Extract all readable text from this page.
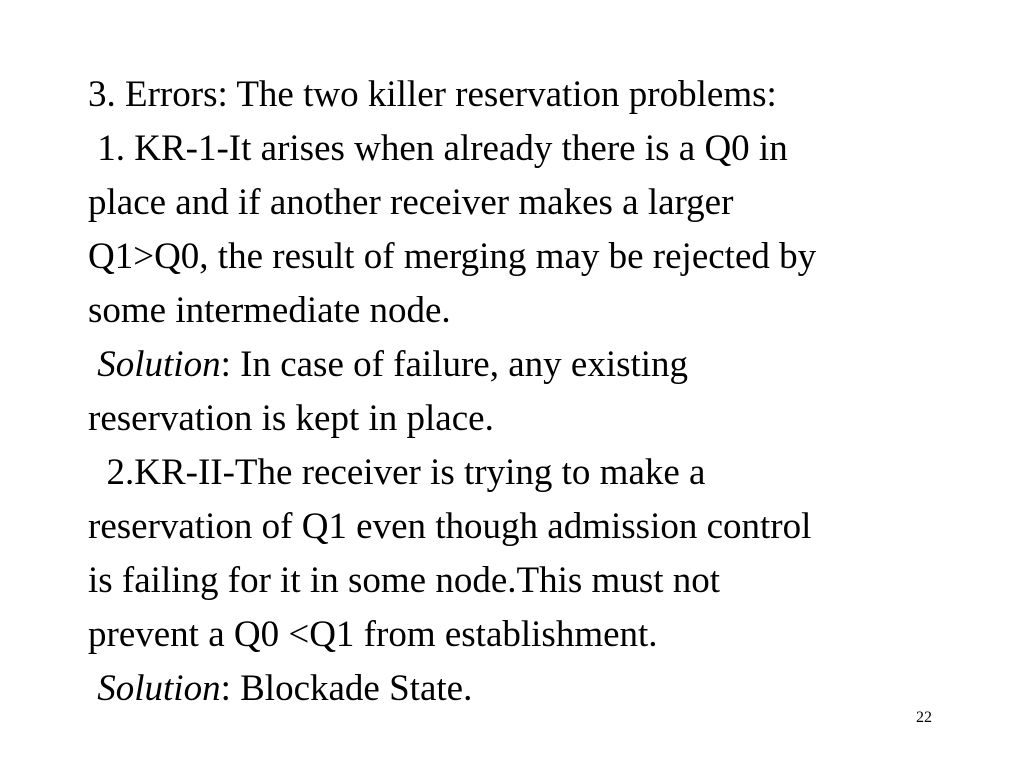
3. Errors: The two killer reservation problems:
1. KR-1-It arises when already there is a Q0 in
place and if another receiver makes a larger
Q1>Q0, the result of merging may be rejected by
some intermediate node.
Solution: In case of failure, any existing
reservation is kept in place.
2.KR-II-The receiver is trying to make a
reservation of Q1 even though admission control
is failing for it in some node.This must not
prevent a Q0 <Q1 from establishment.
Solution: Blockade State.
22
